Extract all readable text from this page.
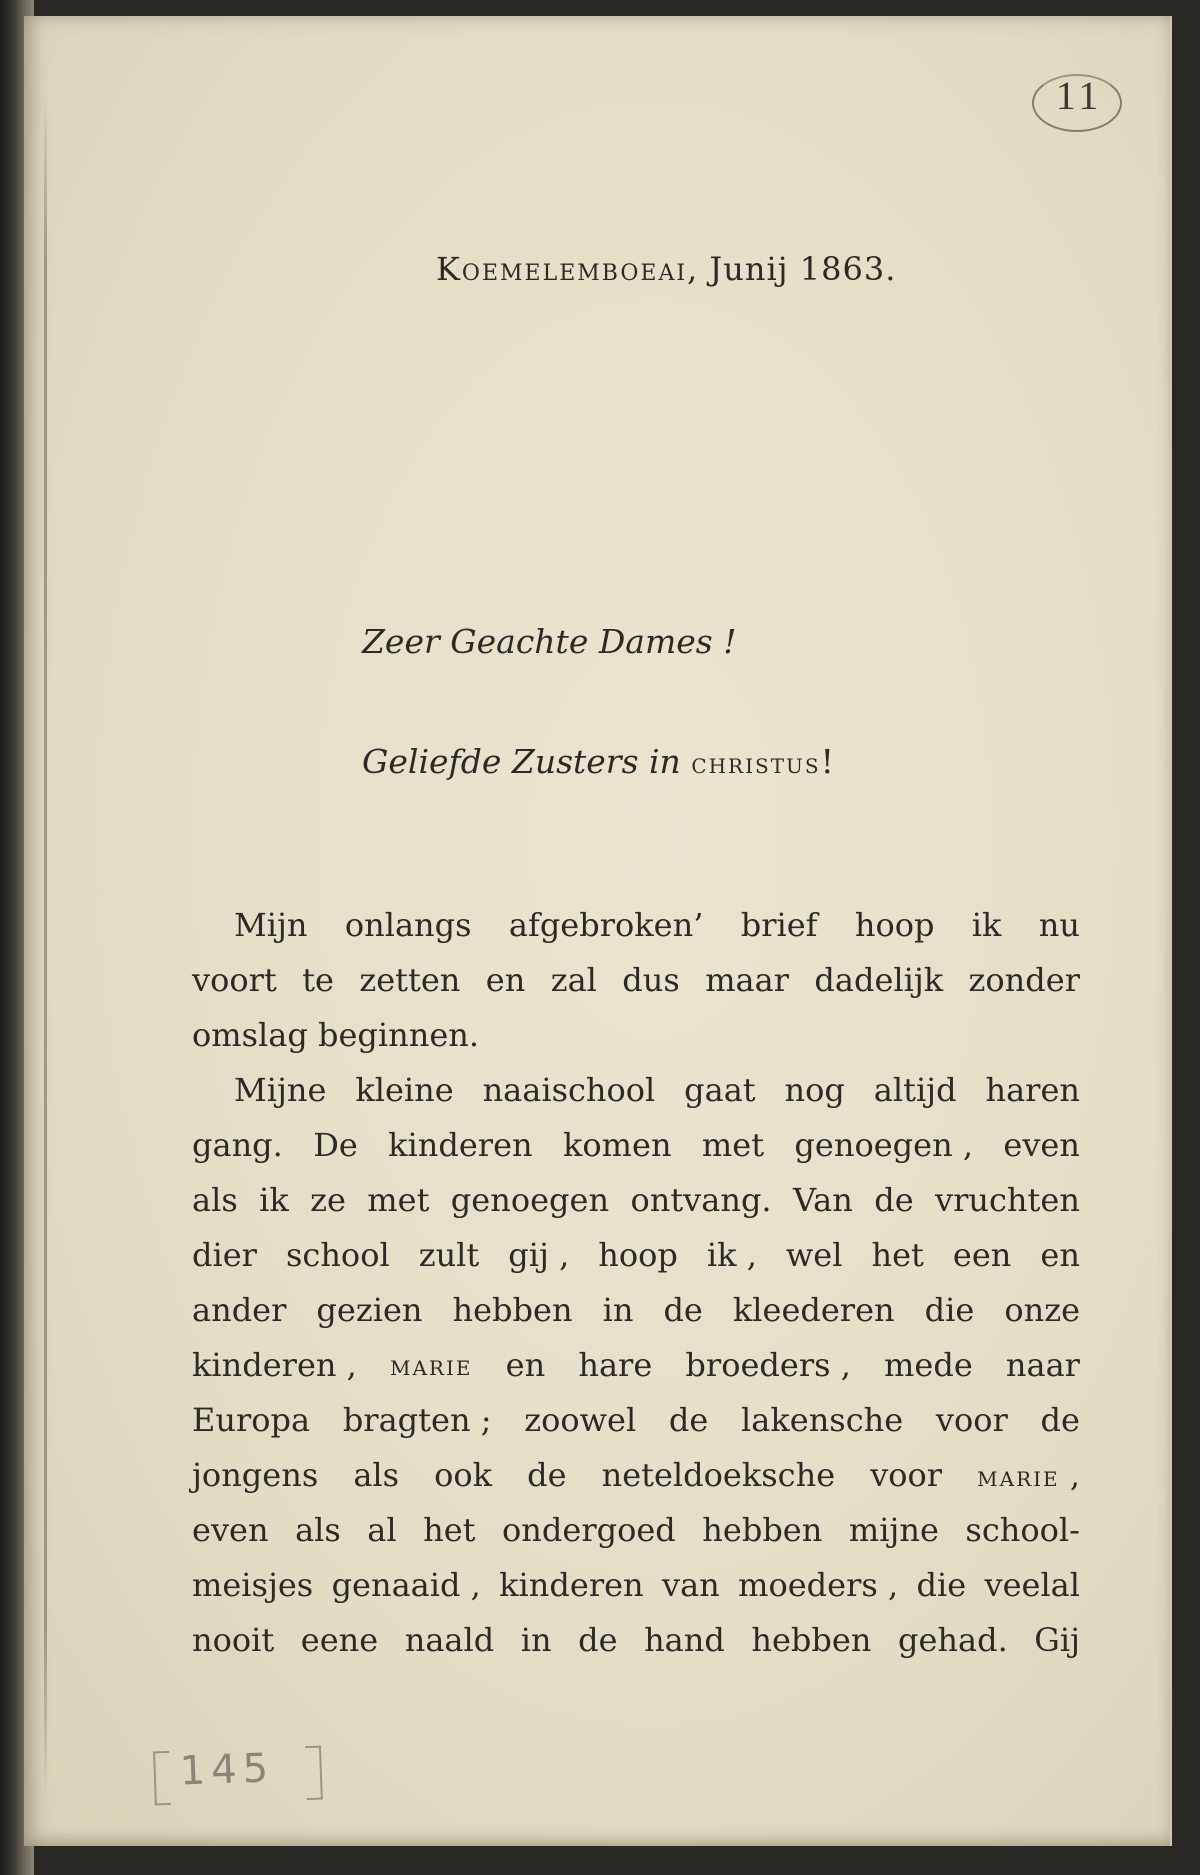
11
Koemelemboeai, Junij 1863.
Zeer Geachte Dames !
Geliefde Zusters in christus!
Mijn onlangs afgebroken’ brief hoop ik nu
voort te zetten en zal dus maar dadelijk zonder
omslag beginnen.
Mijne kleine naaischool gaat nog altijd haren
gang. De kinderen komen met genoegen , even
als ik ze met genoegen ontvang. Van de vruchten
dier school zult gij , hoop ik , wel het een en
ander gezien hebben in de kleederen die onze
kinderen , marie en hare broeders , mede naar
Europa bragten ; zoowel de lakensche voor de
jongens als ook de neteldoeksche voor marie ,
even als al het ondergoed hebben mijne school-
meisjes genaaid , kinderen van moeders , die veelal
nooit eene naald in de hand hebben gehad. Gij
145
